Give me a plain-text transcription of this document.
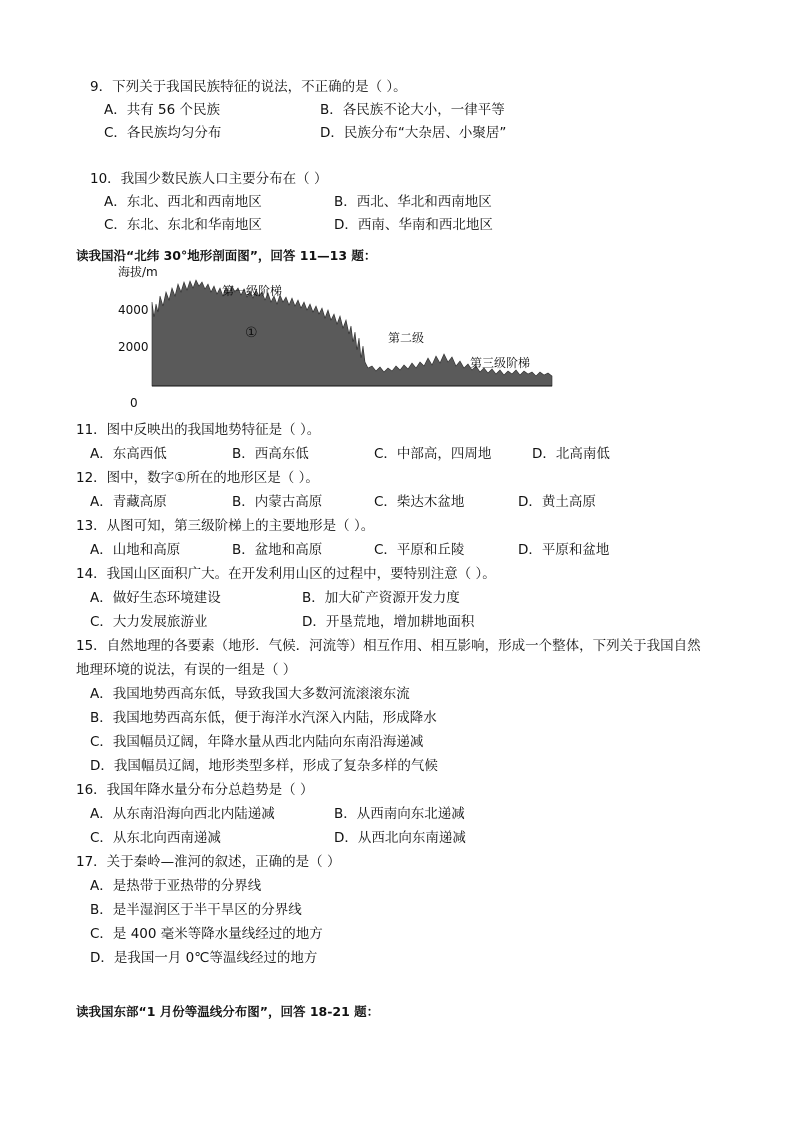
9．下列关于我国民族特征的说法，不正确的是（ ）。
A．共有 56 个民族	B．各民族不论大小，一律平等
C．各民族均匀分布	D．民族分布“大杂居、小聚居”
10．我国少数民族人口主要分布在（ ）
A．东北、西北和西南地区	B．西北、华北和西南地区
C．东北、东北和华南地区	D．西南、华南和西北地区
读我国沿“北纬 30°地形剖面图”，回答 11—13 题：
海拔/m
4000
2000
0
第一级阶梯
①	第二级
第三级阶梯
11．图中反映出的我国地势特征是（ ）。
A．东高西低	B．西高东低	C．中部高，四周地	D．北高南低
12．图中，数字①所在的地形区是（ ）。
A．青藏高原	B．内蒙古高原	C．柴达木盆地	D．黄土高原
13．从图可知，第三级阶梯上的主要地形是（ ）。
A．山地和高原	B．盆地和高原	C．平原和丘陵	D．平原和盆地
14．我国山区面积广大。在开发利用山区的过程中，要特别注意（ ）。
A．做好生态环境建设	B．加大矿产资源开发力度
C．大力发展旅游业	D．开垦荒地，增加耕地面积
15．自然地理的各要素（地形．气候．河流等）相互作用、相互影响，形成一个整体，下列关于我国自然
地理环境的说法，有误的一组是（ ）
A．我国地势西高东低，导致我国大多数河流滚滚东流
B．我国地势西高东低，便于海洋水汽深入内陆，形成降水
C．我国幅员辽阔，年降水量从西北内陆向东南沿海递减
D．我国幅员辽阔，地形类型多样，形成了复杂多样的气候
16．我国年降水量分布分总趋势是（ ）
A．从东南沿海向西北内陆递减	B．从西南向东北递减
C．从东北向西南递减	D．从西北向东南递减
17．关于秦岭—淮河的叙述，正确的是（ ）
A．是热带于亚热带的分界线
B．是半湿润区于半干旱区的分界线
C．是 400 毫米等降水量线经过的地方
D．是我国一月 0℃等温线经过的地方
读我国东部“1 月份等温线分布图”，回答 18-21 题：
